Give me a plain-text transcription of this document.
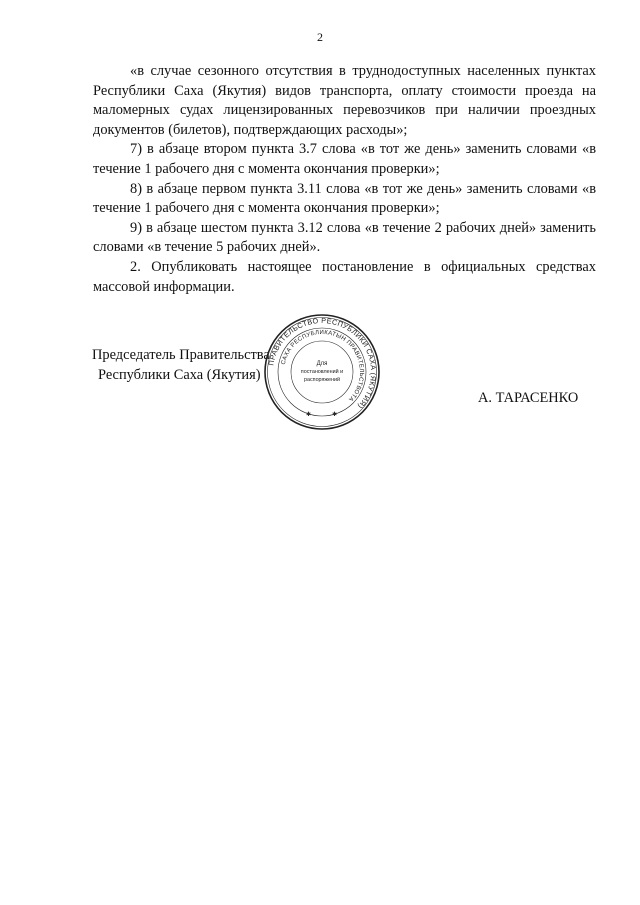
2

«в случае сезонного отсутствия в труднодоступных населенных пунктах Республики Саха (Якутия) видов транспорта, оплату стоимости проезда на маломерных судах лицензированных перевозчиков при наличии проездных документов (билетов), подтверждающих расходы»;

7) в абзаце втором пункта 3.7 слова «в тот же день» заменить словами «в течение 1 рабочего дня с момента окончания проверки»;

8) в абзаце первом пункта 3.11 слова «в тот же день» заменить словами «в течение 1 рабочего дня с момента окончания проверки»;

9) в абзаце шестом пункта 3.12 слова «в течение 2 рабочих дней» заменить словами «в течение 5 рабочих дней».

2. Опубликовать настоящее постановление в официальных средствах массовой информации.

Председатель Правительства
Республики Саха (Якутия)
ПРАВИТЕЛЬСТВО РЕСПУБЛИКИ САХА (ЯКУТИЯ)
САХА РЕСПУБЛИКАТЫН ПРАВИТЕЛЬСТВОТА
Для
постановлений и
распоряжений
✱	✱
А. ТАРАСЕНКО
